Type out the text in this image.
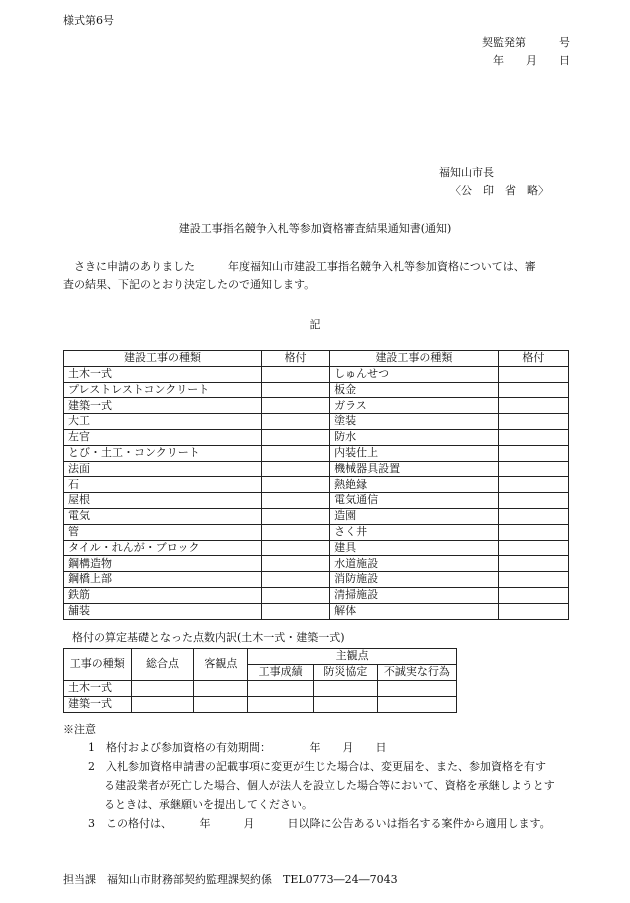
様式第6号
契監発第　　　号
年　　月　　日
福知山市長
〈公　印　省　略〉
建設工事指名競争入札等参加資格審査結果通知書(通知)
さきに申請のありました　　　年度福知山市建設工事指名競争入札等参加資格については、審
査の結果、下記のとおり決定したので通知します。
記
建設工事の種類	格付	建設工事の種類	格付
土木一式		しゅんせつ	
プレストレストコンクリート		板金	
建築一式		ガラス	
大工		塗装	
左官		防水	
とび・土工・コンクリート		内装仕上	
法面		機械器具設置	
石		熱絶縁	
屋根		電気通信	
電気		造園	
管		さく井	
タイル・れんが・ブロック		建具	
鋼構造物		水道施設	
鋼橋上部		消防施設	
鉄筋		清掃施設	
舗装		解体	
格付の算定基礎となった点数内訳(土木一式・建築一式)
工事の種類	総合点	客観点	主観点		
			工事成績	防災協定	不誠実な行為
土木一式					
建築一式					
※注意
1　格付および参加資格の有効期間：　　　　年　　月　　日
2　入札参加資格申請書の記載事項に変更が生じた場合は、変更届を、また、参加資格を有す
る建設業者が死亡した場合、個人が法人を設立した場合等において、資格を承継しようとす
るときは、承継願いを提出してください。
3　この格付は、　　　年　　　月　　　日以降に公告あるいは指名する案件から適用します。
担当課　福知山市財務部契約監理課契約係　TEL0773―24―7043
